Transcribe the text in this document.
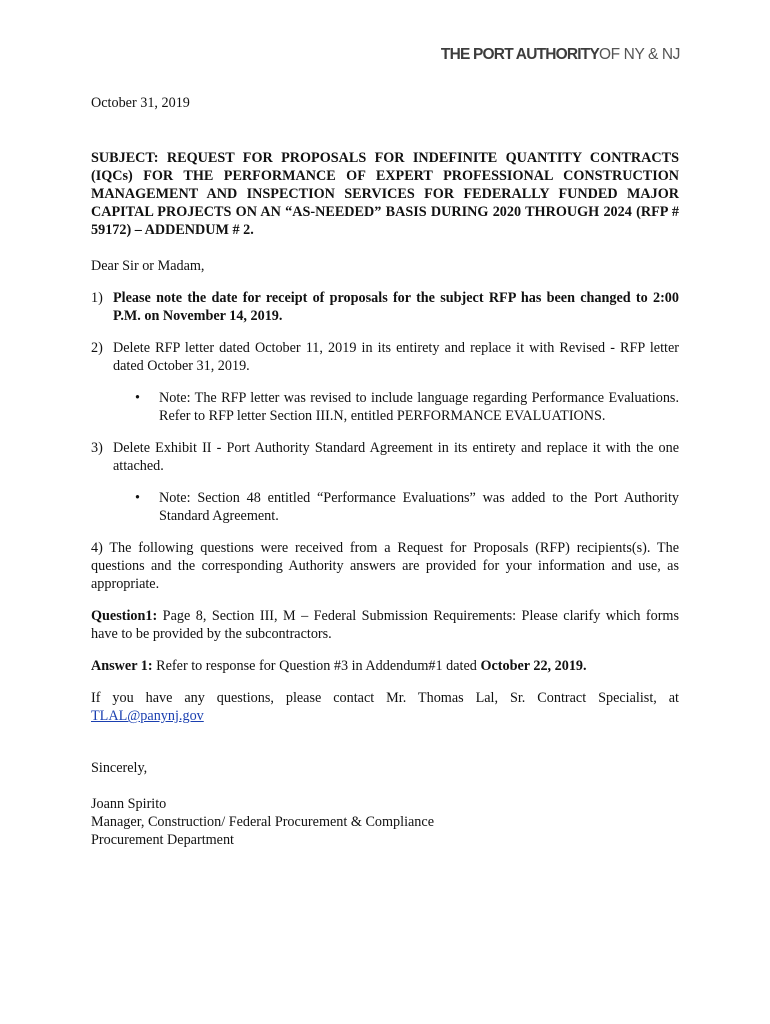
THE PORT AUTHORITYOF NY & NJ

October 31, 2019

SUBJECT: REQUEST FOR PROPOSALS FOR INDEFINITE QUANTITY CONTRACTS (IQCs) FOR THE PERFORMANCE OF EXPERT PROFESSIONAL CONSTRUCTION MANAGEMENT AND INSPECTION SERVICES FOR FEDERALLY FUNDED MAJOR CAPITAL PROJECTS ON AN “AS-NEEDED” BASIS DURING 2020 THROUGH 2024 (RFP # 59172) – ADDENDUM # 2.

Dear Sir or Madam,

1) Please note the date for receipt of proposals for the subject RFP has been changed to 2:00 P.M. on November 14, 2019.
2) Delete RFP letter dated October 11, 2019 in its entirety and replace it with Revised - RFP letter dated October 31, 2019.
•	Note: The RFP letter was revised to include language regarding Performance Evaluations. Refer to RFP letter Section III.N, entitled PERFORMANCE EVALUATIONS.
3) Delete Exhibit II - Port Authority Standard Agreement in its entirety and replace it with the one attached.
•	Note: Section 48 entitled “Performance Evaluations” was added to the Port Authority Standard Agreement.

4) The following questions were received from a Request for Proposals (RFP) recipients(s). The questions and the corresponding Authority answers are provided for your information and use, as appropriate.

Question1: Page 8, Section III, M – Federal Submission Requirements: Please clarify which forms have to be provided by the subcontractors.

Answer 1: Refer to response for Question #3 in Addendum#1 dated October 22, 2019.

If you have any questions, please contact Mr. Thomas Lal, Sr. Contract Specialist, at TLAL@panynj.gov

Sincerely,

Joann Spirito
Manager, Construction/ Federal Procurement & Compliance
Procurement Department
